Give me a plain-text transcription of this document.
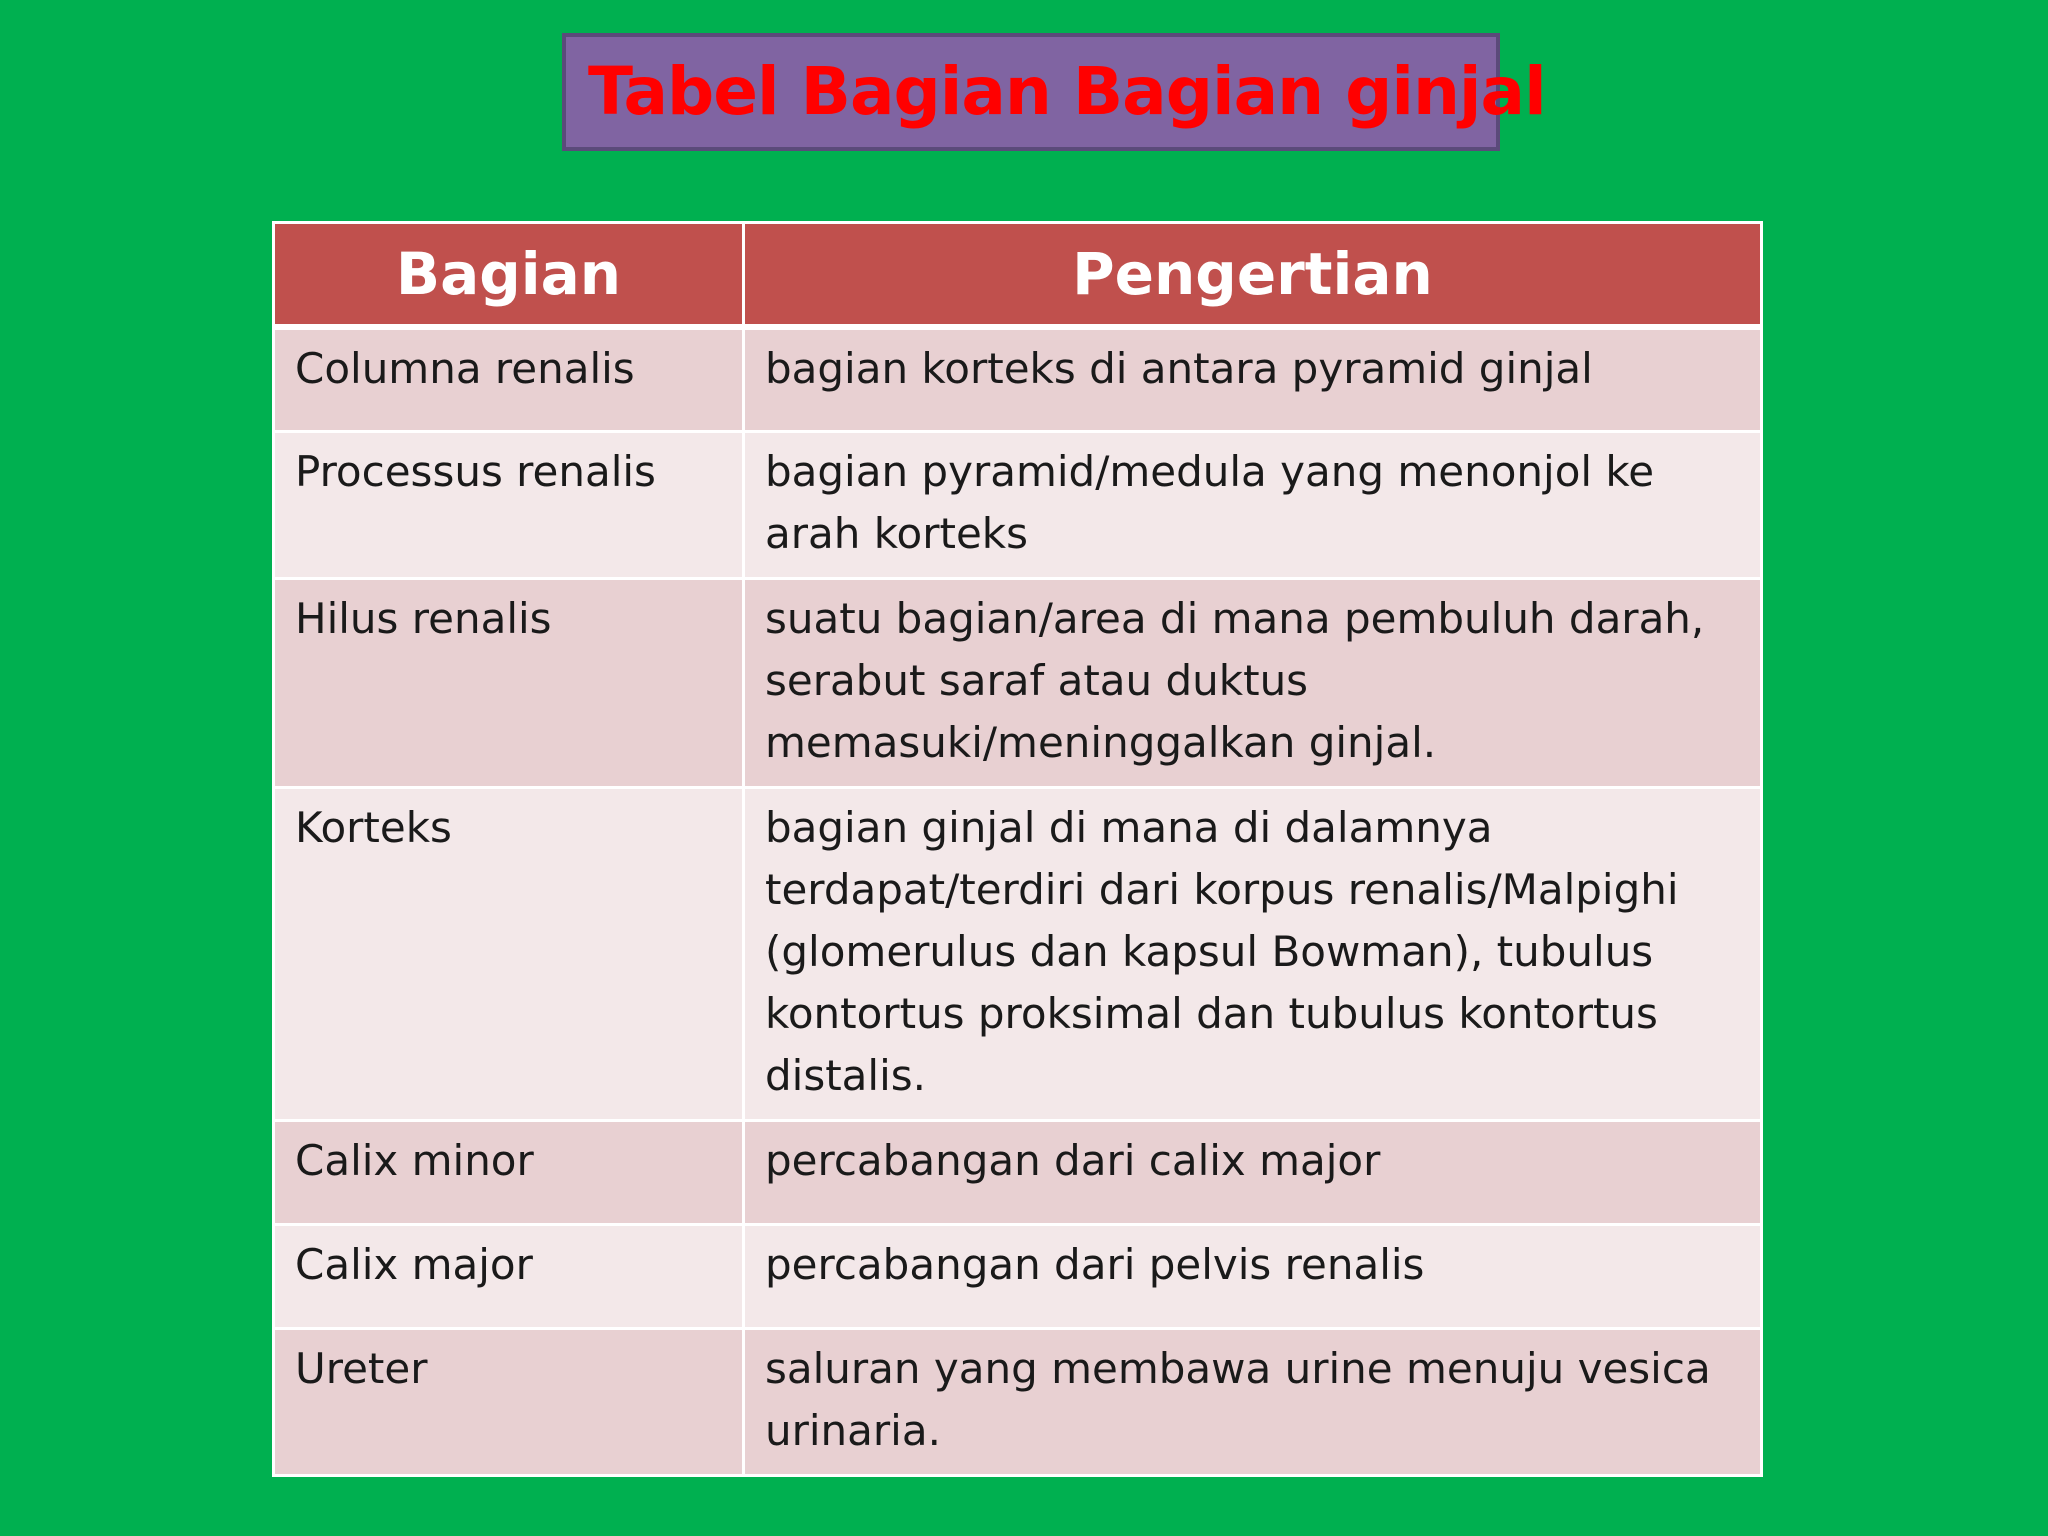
Tabel Bagian Bagian ginjal
Bagian	Pengertian
Columna renalis	bagian korteks di antara pyramid ginjal
Processus renalis	bagian pyramid/medula yang menonjol ke
arah korteks
Hilus renalis	suatu bagian/area di mana pembuluh darah,
serabut saraf atau duktus
memasuki/meninggalkan ginjal.
Korteks	bagian ginjal di mana di dalamnya
terdapat/terdiri dari korpus renalis/Malpighi
(glomerulus dan kapsul Bowman), tubulus
kontortus proksimal dan tubulus kontortus
distalis.
Calix minor	percabangan dari calix major
Calix major	percabangan dari pelvis renalis
Ureter	saluran yang membawa urine menuju vesica
urinaria.
